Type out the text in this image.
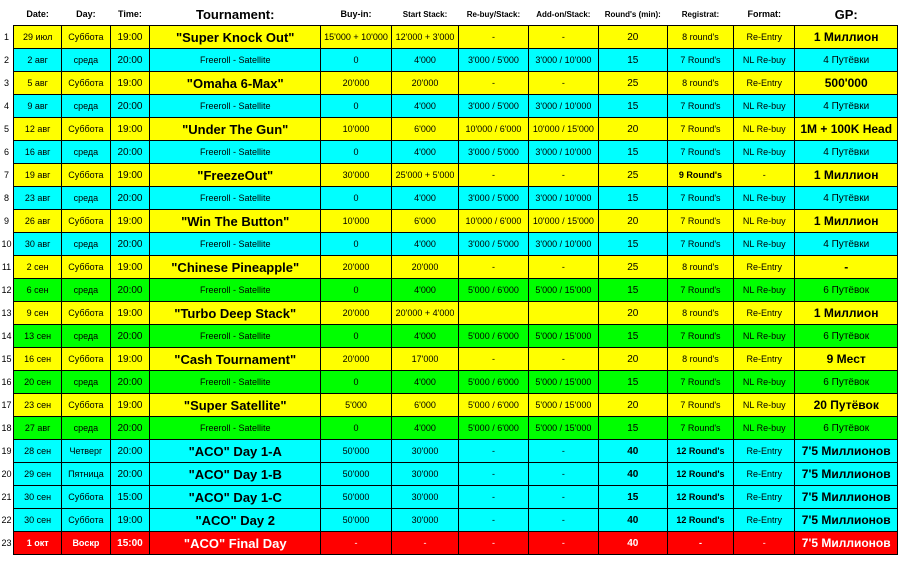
	Date:	Day:	Time:	Tournament:	Buy-in:	Start Stack:	Re-buy/Stack:	Add-on/Stack:	Round's (min):	Registrat:	Format:	GP:
1	29 июл	Суббота	19:00	"Super Knock Out"	15'000 + 10'000	12'000 + 3'000	-	-	20	8 round's	Re-Entry	1 Миллион
2	2 авг	среда	20:00	Freeroll - Satellite	0	4'000	3'000 / 5'000	3'000 / 10'000	15	7 Round's	NL Re-buy	4 Путёвки
3	5 авг	Суббота	19:00	"Omaha 6-Max"	20'000	20'000	-	-	25	8 round's	Re-Entry	500'000
4	9 авг	среда	20:00	Freeroll - Satellite	0	4'000	3'000 / 5'000	3'000 / 10'000	15	7 Round's	NL Re-buy	4 Путёвки
5	12 авг	Суббота	19:00	"Under The Gun"	10'000	6'000	10'000 / 6'000	10'000 / 15'000	20	7 Round's	NL Re-buy	1M + 100K Head
6	16 авг	среда	20:00	Freeroll - Satellite	0	4'000	3'000 / 5'000	3'000 / 10'000	15	7 Round's	NL Re-buy	4 Путёвки
7	19 авг	Суббота	19:00	"FreezeOut"	30'000	25'000 + 5'000	-	-	25	9 Round's	-	1 Миллион
8	23 авг	среда	20:00	Freeroll - Satellite	0	4'000	3'000 / 5'000	3'000 / 10'000	15	7 Round's	NL Re-buy	4 Путёвки
9	26 авг	Суббота	19:00	"Win The Button"	10'000	6'000	10'000 / 6'000	10'000 / 15'000	20	7 Round's	NL Re-buy	1 Миллион
10	30 авг	среда	20:00	Freeroll - Satellite	0	4'000	3'000 / 5'000	3'000 / 10'000	15	7 Round's	NL Re-buy	4 Путёвки
11	2 сен	Суббота	19:00	"Chinese Pineapple"	20'000	20'000	-	-	25	8 round's	Re-Entry	-
12	6 сен	среда	20:00	Freeroll - Satellite	0	4'000	5'000 / 6'000	5'000 / 15'000	15	7 Round's	NL Re-buy	6 Путёвок
13	9 сен	Суббота	19:00	"Turbo Deep Stack"	20'000	20'000 + 4'000			20	8 round's	Re-Entry	1 Миллион
14	13 сен	среда	20:00	Freeroll - Satellite	0	4'000	5'000 / 6'000	5'000 / 15'000	15	7 Round's	NL Re-buy	6 Путёвок
15	16 сен	Суббота	19:00	"Cash Tournament"	20'000	17'000	-	-	20	8 round's	Re-Entry	9 Мест
16	20 сен	среда	20:00	Freeroll - Satellite	0	4'000	5'000 / 6'000	5'000 / 15'000	15	7 Round's	NL Re-buy	6 Путёвок
17	23 сен	Суббота	19:00	"Super Satellite"	5'000	6'000	5'000 / 6'000	5'000 / 15'000	20	7 Round's	NL Re-buy	20 Путёвок
18	27 авг	среда	20:00	Freeroll - Satellite	0	4'000	5'000 / 6'000	5'000 / 15'000	15	7 Round's	NL Re-buy	6 Путёвок
19	28 сен	Четверг	20:00	"ACO" Day 1-A	50'000	30'000	-	-	40	12 Round's	Re-Entry	7'5 Миллионов
20	29 сен	Пятница	20:00	"ACO" Day 1-B	50'000	30'000	-	-	40	12 Round's	Re-Entry	7'5 Миллионов
21	30 сен	Суббота	15:00	"ACO" Day 1-C	50'000	30'000	-	-	15	12 Round's	Re-Entry	7'5 Миллионов
22	30 сен	Суббота	19:00	"ACO" Day 2	50'000	30'000	-	-	40	12 Round's	Re-Entry	7'5 Миллионов
23	1 окт	Воскр	15:00	"ACO" Final Day	-	-	-	-	40	-	-	7'5 Миллионов
